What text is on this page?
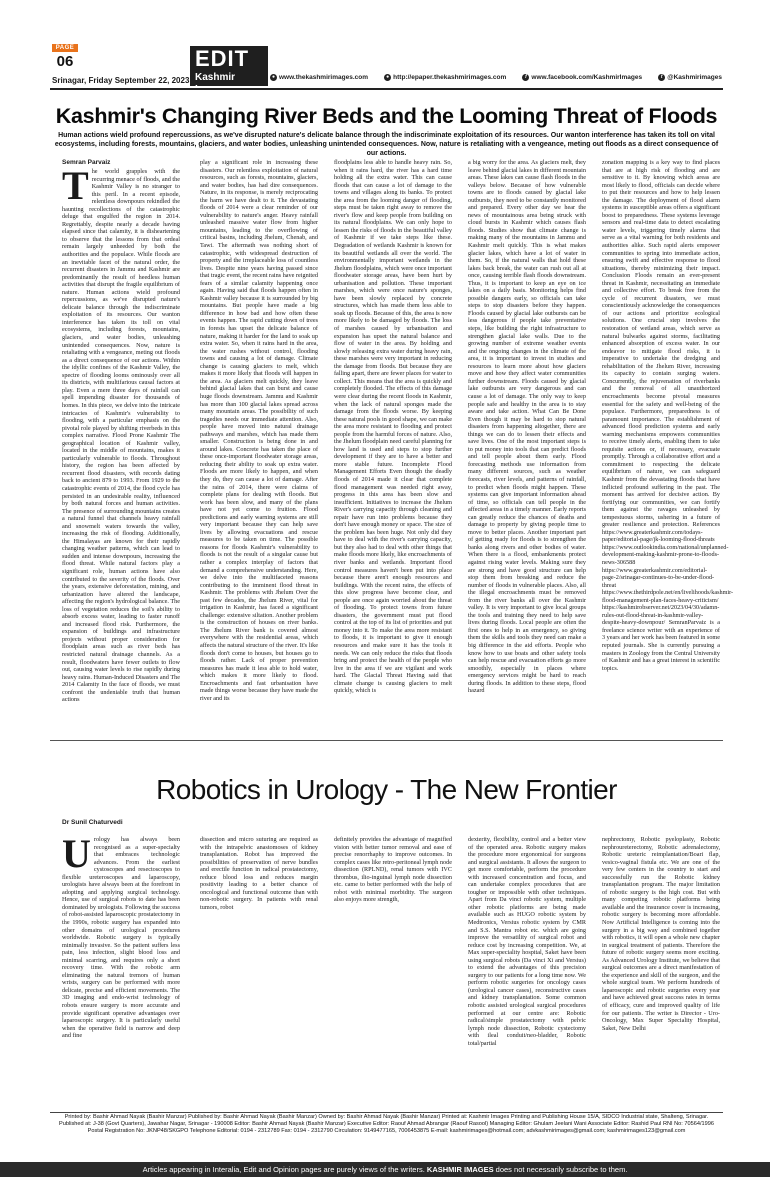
PAGE
06	EDIT
Kashmir
Srinagar, Friday September 22, 2023	● www.thekashmirimages.com	● http://epaper.thekashmirimages.com	f www.facebook.com/KashmirImages	t @Kashmirimages
Kashmir's Changing River Beds and the Looming Threat of Floods
Human actions wield profound repercussions, as we've disrupted nature's delicate balance through the indiscriminate exploitation of its resources. Our wanton interference has taken its toll on vital ecosystems, including forests, mountains, glaciers, and water bodies, unleashing unintended consequences. Now, nature is retaliating with a vengeance, meting out floods as a direct consequence of our actions.
Semran Parvaiz
T he world grapples with the recurring menace of floods, and the Kashmir Valley is no stranger to this peril. In a recent episode, relentless downpours rekindled the haunting recollections of the catastrophic deluge that engulfed the region in 2014. Regrettably, despite nearly a decade having elapsed since that calamity, it is disheartening to observe that the lessons from that ordeal remain largely unheeded by both the authorities and the populace. While floods are an inevitable facet of the natural order, the recurrent disasters in Jammu and Kashmir are predominantly the result of heedless human activities that disrupt the fragile equilibrium of nature. Human actions wield profound repercussions, as we've disrupted nature's delicate balance through the indiscriminate exploitation of its resources. Our wanton interference has taken its toll on vital ecosystems, including forests, mountains, glaciers, and water bodies, unleashing unintended consequences. Now, nature is retaliating with a vengeance, meting out floods as a direct consequence of our actions. Within the idyllic confines of the Kashmir Valley, the spectre of flooding looms ominously over all its districts, with multifarious causal factors at play. Even a mere three days of rainfall can spell impending disaster for thousands of homes. In this piece, we delve into the intricate intricacies of Kashmir's vulnerability to flooding, with a particular emphasis on the pivotal role played by shifting riverbeds in this complex narrative. Flood Prone Kashmir The geographical location of Kashmir valley, located in the middle of mountains, makes it particularly vulnerable to floods. Throughout history, the region has been affected by recurrent flood disasters, with records dating back to ancient 879 to 1993. From 1929 to the catastrophic events of 2014, the flood cycle has persisted in an undesirable reality, influenced by both natural forces and human activities. The presence of surrounding mountains creates a natural funnel that channels heavy rainfall and snowmelt waters towards the valley, increasing the risk of flooding. Additionally, the Himalayas are known for their rapidly changing weather patterns, which can lead to sudden and intense downpours, increasing the flood threat. While natural factors play a significant role, human actions have also contributed to the severity of the floods. Over the years, extensive deforestation, mining, and urbanization have altered the landscape, affecting the region's hydrological balance. The loss of vegetation reduces the soil's ability to absorb excess water, leading to faster runoff and increased flood risk. Furthermore, the expansion of buildings and infrastructure projects without proper consideration for floodplain areas such as river beds has restricted natural drainage channels. As a result, floodwaters have fewer outlets to flow out, causing water levels to rise rapidly during heavy rains. Human-Induced Disasters and The 2014 Calamity In the face of floods, we must confront the undeniable truth that human actions
play a significant role in increasing these disasters. Our relentless exploitation of natural resources, such as forests, mountains, glaciers, and water bodies, has had dire consequences. Nature, in its response, is merely reciprocating the harm we have dealt to it. The devastating floods of 2014 were a clear reminder of our vulnerability to nature's anger. Heavy rainfall unleashed massive water flow from higher mountains, leading to the overflowing of critical basins, including Jhelum, Chenab, and Tawi. The aftermath was nothing short of catastrophic, with widespread destruction of property and the irreplaceable loss of countless lives. Despite nine years having passed since that tragic event, the recent rains have reignited fears of a similar calamity happening once again. Having said that floods happen often in Kashmir valley because it is surrounded by big mountains. But people have made a big difference in how bad and how often these events happen. The rapid cutting down of trees in forests has upset the delicate balance of nature, making it harder for the land to soak up extra water. So, when it rains hard in the area, the water rushes without control, flooding towns and causing a lot of damage. Climate change is causing glaciers to melt, which makes it more likely that floods will happen in the area. As glaciers melt quickly, they leave behind glacial lakes that can burst and cause huge floods downstream. Jammu and Kashmir has more than 100 glacial lakes spread across many mountain areas. The possibility of such tragedies needs our immediate attention. Also, people have moved into natural drainage pathways and marshes, which has made them smaller. Construction is being done in and around lakes. Concrete has taken the place of these once-important floodwater storage areas, reducing their ability to soak up extra water. Floods are more likely to happen, and when they do, they can cause a lot of damage. After the rains of 2014, there were claims of complete plans for dealing with floods. But work has been slow, and many of the plans have not yet come to fruition. Flood predictions and early warning systems are still very important because they can help save lives by allowing evacuations and rescue measures to be taken on time. The possible reasons for floods Kashmir's vulnerability to floods is not the result of a singular cause but rather a complex interplay of factors that demand a comprehensive understanding. Here, we delve into the multifaceted reasons contributing to the imminent flood threat in Kashmir. The problems with Jhelum Over the past few decades, the Jhelum River, vital for irrigation in Kashmir, has faced a significant challenge: extensive siltation. Another problem is the construction of houses on river banks. The Jhelum River bank is covered almost everywhere with the residential areas, which affects the natural structure of the river. It's like floods don't come to houses, but houses go to floods rather. Lack of proper prevention measures has made it less able to hold water, which makes it more likely to flood. Encroachments and fast urbanisation have made things worse because they have made the river and its
floodplains less able to handle heavy rain. So, when it rains hard, the river has a hard time holding all the extra water. This can cause floods that can cause a lot of damage to the towns and villages along its banks. To protect the area from the looming danger of flooding, steps must be taken right away to remove the river's flow and keep people from building on its natural floodplains. We can only hope to lessen the risks of floods in the beautiful valley of Kashmir if we take steps like these. Degradation of wetlands Kashmir is known for its beautiful wetlands all over the world. The environmentally important wetlands in the Jhelum floodplains, which were once important floodwater storage areas, have been hurt by urbanisation and pollution. These important marshes, which were once nature's sponges, have been slowly replaced by concrete structures, which has made them less able to soak up floods. Because of this, the area is now more likely to be damaged by floods. The loss of marshes caused by urbanisation and expansion has upset the natural balance and flow of water in the area. By holding and slowly releasing extra water during heavy rain, these marshes were very important in reducing the damage from floods. But because they are falling apart, there are fewer places for water to collect. This means that the area is quickly and completely flooded. The effects of this damage were clear during the recent floods in Kashmir, when the lack of natural sponges made the damage from the floods worse. By keeping these natural pools in good shape, we can make the area more resistant to flooding and protect people from the harmful forces of nature. Also, the Jhelum floodplain need careful planning for how land is used and steps to stop further development if they are to have a better and more stable future. Incomplete Flood Management Efforts Even though the deadly floods of 2014 made it clear that complete flood management was needed right away, progress in this area has been slow and insufficient. Initiatives to increase the Jhelum River's carrying capacity through cleaning and repair have run into problems because they don't have enough money or space. The size of the problem has been huge. Not only did they have to deal with the river's carrying capacity, but they also had to deal with other things that make floods more likely, like encroachments of river banks and wetlands. Important flood control measures haven't been put into place because there aren't enough resources and buildings. With the recent rains, the effects of this slow progress have become clear, and people are once again worried about the threat of flooding. To protect towns from future disasters, the government must put flood control at the top of its list of priorities and put money into it. To make the area more resistant to floods, it is important to give it enough resources and make sure it has the tools it needs. We can only reduce the risks that floods bring and protect the health of the people who live in the area if we are vigilant and work hard. The Glacial Threat Having said that climate change is causing glaciers to melt quickly, which is
a big worry for the area. As glaciers melt, they leave behind glacial lakes in different mountain areas. These lakes can cause flash floods in the valleys below. Because of how vulnerable towns are to floods caused by glacial lake outbursts, they need to be constantly monitored and prepared. Every other day we hear the news of mountainous area being struck with cloud bursts in Kashmir which causes flash floods. Studies show that climate change is making many of the mountains in Jammu and Kashmir melt quickly. This is what makes glacier lakes, which have a lot of water in them. So, if the natural walls that hold these lakes back break, the water can rush out all at once, causing terrible flash floods downstream. Thus, it is important to keep an eye on ice lakes on a daily basis. Monitoring helps find possible dangers early, so officials can take steps to stop disasters before they happen. Floods caused by glacial lake outbursts can be less dangerous if people take preventative steps, like building the right infrastructure to strengthen glacial lake walls. Due to the growing number of extreme weather events and the ongoing changes in the climate of the area, it is important to invest in studies and resources to learn more about how glaciers move and how they affect water communities further downstream. Floods caused by glacial lake outbursts are very dangerous and can cause a lot of damage. The only way to keep people safe and healthy in the area is to stay aware and take action. What Can Be Done Even though it may be hard to stop natural disasters from happening altogether, there are things we can do to lessen their effects and save lives. One of the most important steps is to put money into tools that can predict floods and tell people about them early. Flood forecasting methods use information from many different sources, such as weather forecasts, river levels, and patterns of rainfall, to predict when floods might happen. These systems can give important information ahead of time, so officials can tell people in the affected areas in a timely manner. Early reports can greatly reduce the chances of deaths and damage to property by giving people time to move to better places. Another important part of getting ready for floods is to strengthen the banks along rivers and other bodies of water. When there is a flood, embankments protect against rising water levels. Making sure they are strong and have good structure can help stop them from breaking and reduce the number of floods in vulnerable places. Also, all the illegal encroachments must be removed from the river banks all over the Kashmir valley. It is very important to give local groups the tools and training they need to help save lives during floods. Local people are often the first ones to help in an emergency, so giving them the skills and tools they need can make a big difference in the aid efforts. People who know how to use boats and other safety tools can help rescue and evacuation efforts go more smoothly, especially in places where emergency services might be hard to reach during floods. In addition to these steps, flood hazard
zonation mapping is a key way to find places that are at high risk of flooding and are sensitive to it. By knowing which areas are most likely to flood, officials can decide where to put their resources and how to help lessen the damage. The deployment of flood alarm systems in susceptible areas offers a significant boost to preparedness. These systems leverage sensors and real-time data to detect escalating water levels, triggering timely alarms that serve as a vital warning for both residents and authorities alike. Such rapid alerts empower communities to spring into immediate action, ensuring swift and effective response to flood situations, thereby minimizing their impact. Conclusion Floods remain an ever-present threat in Kashmir, necessitating an immediate and collective effort. To break free from the cycle of recurrent disasters, we must conscientiously acknowledge the consequences of our actions and prioritize ecological solutions. One crucial step involves the restoration of wetland areas, which serve as natural bulwarks against storms, facilitating enhanced absorption of excess water. In our endeavor to mitigate flood risks, it is imperative to undertake the dredging and rehabilitation of the Jhelum River, increasing its capacity to contain surging waters. Concurrently, the rejuvenation of riverbanks and the removal of all unauthorized encroachments become pivotal measures essential for the safety and well-being of the populace. Furthermore, preparedness is of paramount importance. The establishment of advanced flood prediction systems and early warning mechanisms empowers communities to receive timely alerts, enabling them to take requisite actions or, if necessary, evacuate promptly. Through a collaborative effort and a commitment to respecting the delicate equilibrium of nature, we can safeguard Kashmir from the devastating floods that have inflicted profound suffering in the past. The moment has arrived for decisive action. By fortifying our communities, we can fortify them against the ravages unleashed by tempestuous storms, ushering in a future of greater resilience and protection. References https://www.greaterkashmir.com/todays-paper/editorial-page/jk-looming-flood-threats https://www.outlookindia.com/national/unplanned-development-making-kashmir-prone-to-floods-news-306588 https://www.greaterkashmir.com/editorial-page-2/srinagar-continues-to-be-under-flood-threat https://www.thethirdpole.net/en/livelihoods/kashmir-flood-management-plan-faces-heavy-criticism/ https://kashmirobserver.net/2023/04/30/adamn-rules-out-flood-threat-in-kashmir-valley-despite-heavy-downpour/ SemranParvaiz is a freelance science writer with an experience of 3 years and her work has been featured in some reputed journals. She is currently pursuing a masters in Zoology from the Central University of Kashmir and has a great interest in scientific topics.
Robotics in Urology - The New Frontier
Dr Sunil Chaturvedi
U rology has always been recognised as a super-specialty that embraces technologic advances. From the earliest cystoscopes and resectoscopes to flexible ureteroscopes and laparoscopy, urologists have always been at the forefront in adopting and applying surgical technology. Hence, use of surgical robots to date has been dominated by urologists. Following the success of robot-assisted laparoscopic prostatectomy in the 1990s, robotic surgery has expanded into other domains of urological procedures worldwide. Robotic surgery is typically minimally invasive. So the patient suffers less pain, less infection, slight blood loss and minimal scarring, and requires only a short recovery time. With the robotic arm eliminating the natural tremors of human wrists, surgery can be performed with more delicate, precise and efficient movements. The 3D imaging and endo-wrist technology of robots ensure surgery is more accurate and provide significant operative advantages over laparoscopic surgery. It is particularly useful when the operative field is narrow and deep and fine
dissection and micro suturing are required as with the intrapelvic anastomoses of kidney transplantation. Robot has improved the possibilities of preservation of nerve bundles and erectile function in radical prostatectomy, reduce blood loss and reduces margin positivity leading to a better chance of oncological and functional outcome than with non-robotic surgery. In patients with renal tumors, robot
definitely provides the advantage of magnified vision with better tumor removal and ease of precise renorrhaphy to improve outcomes. In complex cases like retro-peritoneal lymph node dissection (RPLND), renal tumors with IVC thrombus, ilio-inguinal lymph node dissection etc. came to better performed with the help of robot with minimal morbidity. The surgeon also enjoys more strength,
dexterity, flexibility, control and a better view of the operated area. Robotic surgery makes the procedure more ergonomical for surgeons and surgical assistants. It allows the surgeon to get more comfortable, perform the procedure with increased concentration and focus, and can undertake complex procedures that are tougher or impossible with other techniques. Apart from Da vinci robotic system, multiple other robotic platforms are being made available such as HUGO robotic system by Medtronics, Versius robotic system by CMR and S.S. Mantra robot etc. which are going improve the versatility of surgical robot and reduce cost by increasing competition. We, at Max super-speciality hospital, Saket have been using surgical robots (Da vinci Xi and Versius) to extend the advantages of this precision surgery to our patients for a long time now. We perform robotic surgeries for oncology cases (urological cancer cases), reconstructive cases and kidney transplantation. Some common robotic assisted urological surgical procedures performed at our centre are: Robotic radical/simple prostatectomy with pelvic lymph node dissection, Robotic cystectomy with ileal conduit/neo-bladder, Robotic total/partial
nephrectomy, Robotic pyeloplasty, Robotic nephroureterectomy, Robotic adrenalectomy, Robotic ureteric reimplantation/Boari flap, vesico-vaginal fistula etc. We are one of the very few centers in the country to start and successfully run the Robotic kidney transplantation program. The major limitation of robotic surgery is the high cost. But with many competing robotic platforms being available and the insurance cover is increasing, robotic surgery is becoming more affordable. Now Artificial Intelligence is coming into the surgery in a big way and combined together with robotics, it will open a whole new chapter in surgical treatment of patients. Therefore the future of robotic surgery seems more exciting. As Advanced Urology Institute, we believe that surgical outcomes are a direct manifestation of the experience and skill of the surgeon, and the whole surgical team. We perform hundreds of laparoscopic and robotic surgeries every year and have achieved great success rates in terms of efficacy, cure and improved quality of life for our patients. The writer is Director - Uro-Oncology, Max Super Speciality Hospital, Saket, New Delhi
Printed by: Bashir Ahmad Nayak (Bashir Manzar) Published by: Bashir Ahmad Nayak (Bashir Manzar) Owned by: Bashir Ahmad Nayak (Bashir Manzar) Printed at: Kashmir Images Printing and Publishing House 15/A, SIDCO Industrial state, Shalteng, Srinagar.
Published at: J-38 (Govt Quarters), Jawahar Nagar, Srinagar - 190008 Editor: Bashir Ahmad Nayak (Bashir Manzar) Executive Editor: Raouf Ahmad Abrangar (Raouf Rasool) Managing Editor: Ghulam Jeelani Wani Associate Editor: Rashid Paul RNI No: 70564/1996
Postal Registration No: JKNP48/SKGPO Telephone Editorial: 0194 - 2312789 Fax: 0194 - 2312790 Circulation: 9149477165, 7006453875 E-mail: kashmirimages@hotmail.com; advkashmirimages@gmail.com; kashmirimages123@gmail.com
Articles appearing in Interalia, Edit and Opinion pages are purely views of the writers. KASHMIR IMAGES does not necessarily subscribe to them.
